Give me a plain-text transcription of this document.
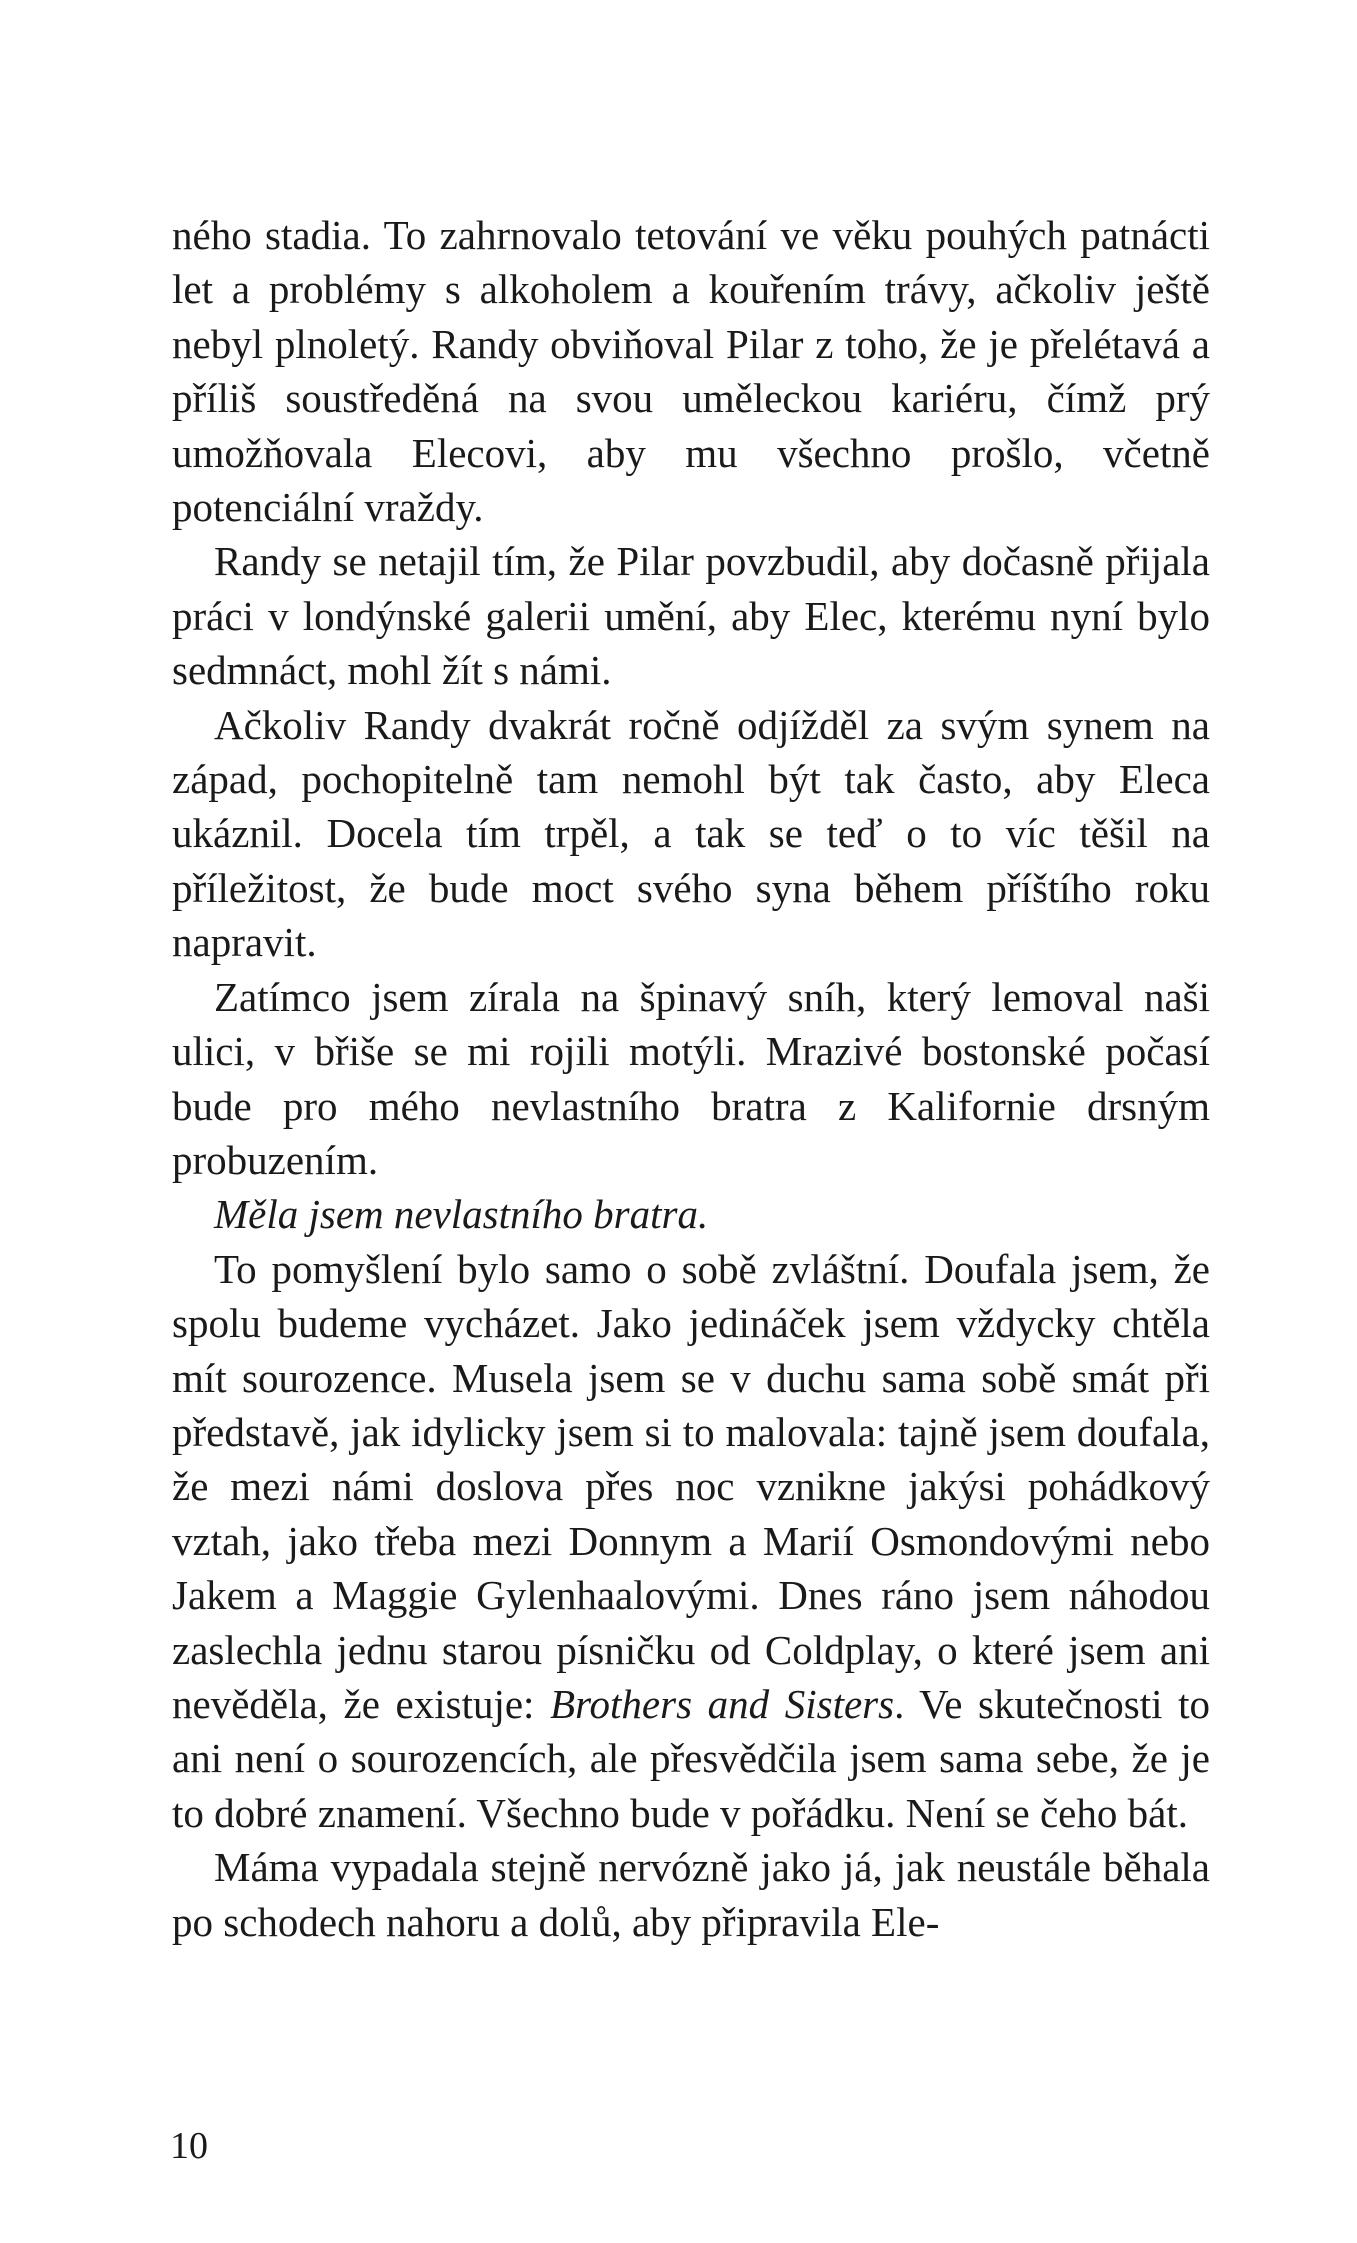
ného stadia. To zahrnovalo tetování ve věku pouhých patnácti let a problémy s alkoholem a kouřením trávy, ačkoliv ještě nebyl plnoletý. Randy obviňoval Pilar z toho, že je přelétavá a příliš soustředěná na svou uměleckou kariéru, čímž prý umožňovala Elecovi, aby mu všechno prošlo, včetně potenciální vraždy.

Randy se netajil tím, že Pilar povzbudil, aby dočasně přijala práci v londýnské galerii umění, aby Elec, kterému nyní bylo sedmnáct, mohl žít s námi.

Ačkoliv Randy dvakrát ročně odjížděl za svým synem na západ, pochopitelně tam nemohl být tak často, aby Eleca ukáznil. Docela tím trpěl, a tak se teď o to víc těšil na příležitost, že bude moct svého syna během příštího roku napravit.

Zatímco jsem zírala na špinavý sníh, který lemoval naši ulici, v břiše se mi rojili motýli. Mrazivé bostonské počasí bude pro mého nevlastního bratra z Kalifornie drsným probuzením.

Měla jsem nevlastního bratra.

To pomyšlení bylo samo o sobě zvláštní. Doufala jsem, že spolu budeme vycházet. Jako jedináček jsem vždycky chtěla mít sourozence. Musela jsem se v duchu sama sobě smát při představě, jak idylicky jsem si to malovala: tajně jsem doufala, že mezi námi doslova přes noc vznikne jakýsi pohádkový vztah, jako třeba mezi Donnym a Marií Osmondovými nebo Jakem a Maggie Gylenhaalovými. Dnes ráno jsem náhodou zaslechla jednu starou písničku od Coldplay, o které jsem ani nevěděla, že existuje: Brothers and Sisters. Ve skutečnosti to ani není o sourozencích, ale přesvědčila jsem sama sebe, že je to dobré znamení. Všechno bude v pořádku. Není se čeho bát.

Máma vypadala stejně nervózně jako já, jak neustále běhala po schodech nahoru a dolů, aby připravila Ele-

10
